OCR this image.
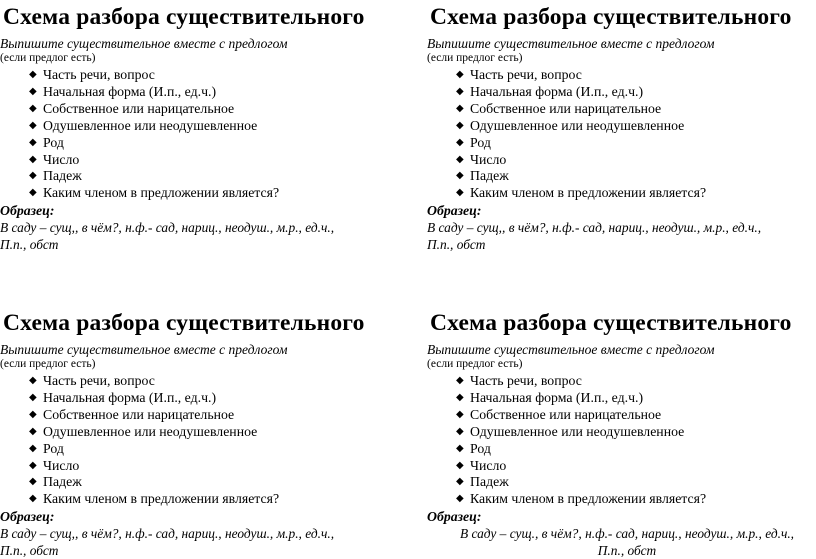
Схема разбора существительного
Выпишите существительное вместе с предлогом
(если предлог есть)
◆ Часть речи, вопрос
◆ Начальная форма (И.п., ед.ч.)
◆ Собственное или нарицательное
◆ Одушевленное или неодушевленное
◆ Род
◆ Число
◆ Падеж
◆ Каким членом в предложении является?
Образец:
В саду – сущ,, в чём?, н.ф.- сад, нариц., неодуш., м.р., ед.ч.,
П.п., обст
Схема разбора существительного
Выпишите существительное вместе с предлогом
(если предлог есть)
◆ Часть речи, вопрос
◆ Начальная форма (И.п., ед.ч.)
◆ Собственное или нарицательное
◆ Одушевленное или неодушевленное
◆ Род
◆ Число
◆ Падеж
◆ Каким членом в предложении является?
Образец:
В саду – сущ,, в чём?, н.ф.- сад, нариц., неодуш., м.р., ед.ч.,
П.п., обст
Схема разбора существительного
Выпишите существительное вместе с предлогом
(если предлог есть)
◆ Часть речи, вопрос
◆ Начальная форма (И.п., ед.ч.)
◆ Собственное или нарицательное
◆ Одушевленное или неодушевленное
◆ Род
◆ Число
◆ Падеж
◆ Каким членом в предложении является?
Образец:
В саду – сущ,, в чём?, н.ф.- сад, нариц., неодуш., м.р., ед.ч.,
П.п., обст
Схема разбора существительного
Выпишите существительное вместе с предлогом
(если предлог есть)
◆ Часть речи, вопрос
◆ Начальная форма (И.п., ед.ч.)
◆ Собственное или нарицательное
◆ Одушевленное или неодушевленное
◆ Род
◆ Число
◆ Падеж
◆ Каким членом в предложении является?
Образец:
В саду – сущ., в чём?, н.ф.- сад, нариц., неодуш., м.р., ед.ч.,
П.п., обст
